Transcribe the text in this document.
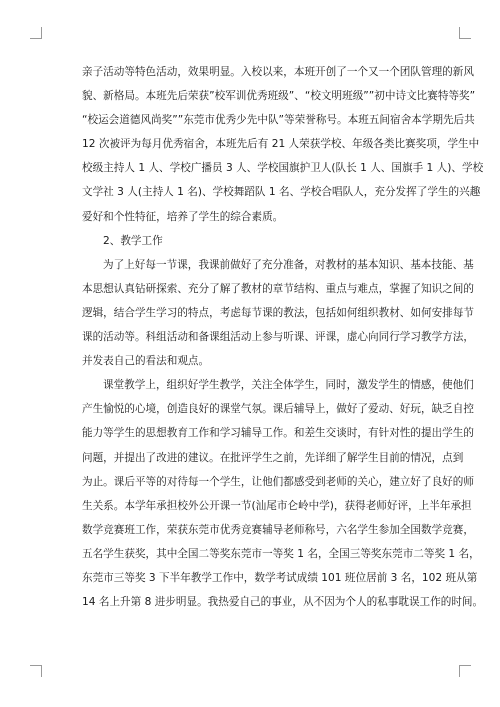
亲子活动等特色活动，效果明显。入校以来，本班开创了一个又一个团队管理的新风
貌、新格局。本班先后荣获”校军训优秀班级”、“校文明班级””初中诗文比赛特等奖”
“校运会道德风尚奖””东莞市优秀少先中队”等荣誉称号。本班五间宿舍本学期先后共
12 次被评为每月优秀宿舍，本班先后有 21 人荣获学校、年级各类比赛奖项，学生中
校级主持人 1 人、学校广播员 3 人、学校国旗护卫人(队长 1 人、国旗手 1 人)、学校
文学社 3 人(主持人 1 名)、学校舞蹈队 1 名、学校合唱队人，充分发挥了学生的兴趣
爱好和个性特征，培养了学生的综合素质。
2、教学工作
为了上好每一节课，我课前做好了充分准备，对教材的基本知识、基本技能、基
本思想认真钻研探索、充分了解了教材的章节结构、重点与难点，掌握了知识之间的
逻辑，结合学生学习的特点，考虑每节课的教法，包括如何组织教材、如何安排每节
课的活动等。科组活动和备课组活动上参与听课、评课，虚心向同行学习教学方法，
并发表自己的看法和观点。
课堂教学上，组织好学生教学，关注全体学生，同时，激发学生的情感，使他们
产生愉悦的心境，创造良好的课堂气氛。课后辅导上，做好了爱动、好玩，缺乏自控
能力等学生的思想教育工作和学习辅导工作。和差生交谈时，有针对性的提出学生的
问题，并提出了改进的建议。在批评学生之前，先详细了解学生目前的情况，点到
为止。课后平等的对待每一个学生，让他们都感受到老师的关心，建立好了良好的师
生关系。本学年承担校外公开课一节(汕尾市仑岭中学)，获得老师好评，上半年承担
数学竞赛班工作，荣获东莞市优秀竞赛辅导老师称号，六名学生参加全国数学竞赛，
五名学生获奖，其中全国二等奖东莞市一等奖 1 名，全国三等奖东莞市二等奖 1 名，
东莞市三等奖 3 下半年教学工作中，数学考试成绩 101 班位居前 3 名，102 班从第
14 名上升第 8 进步明显。我热爱自己的事业，从不因为个人的私事耽误工作的时间。
